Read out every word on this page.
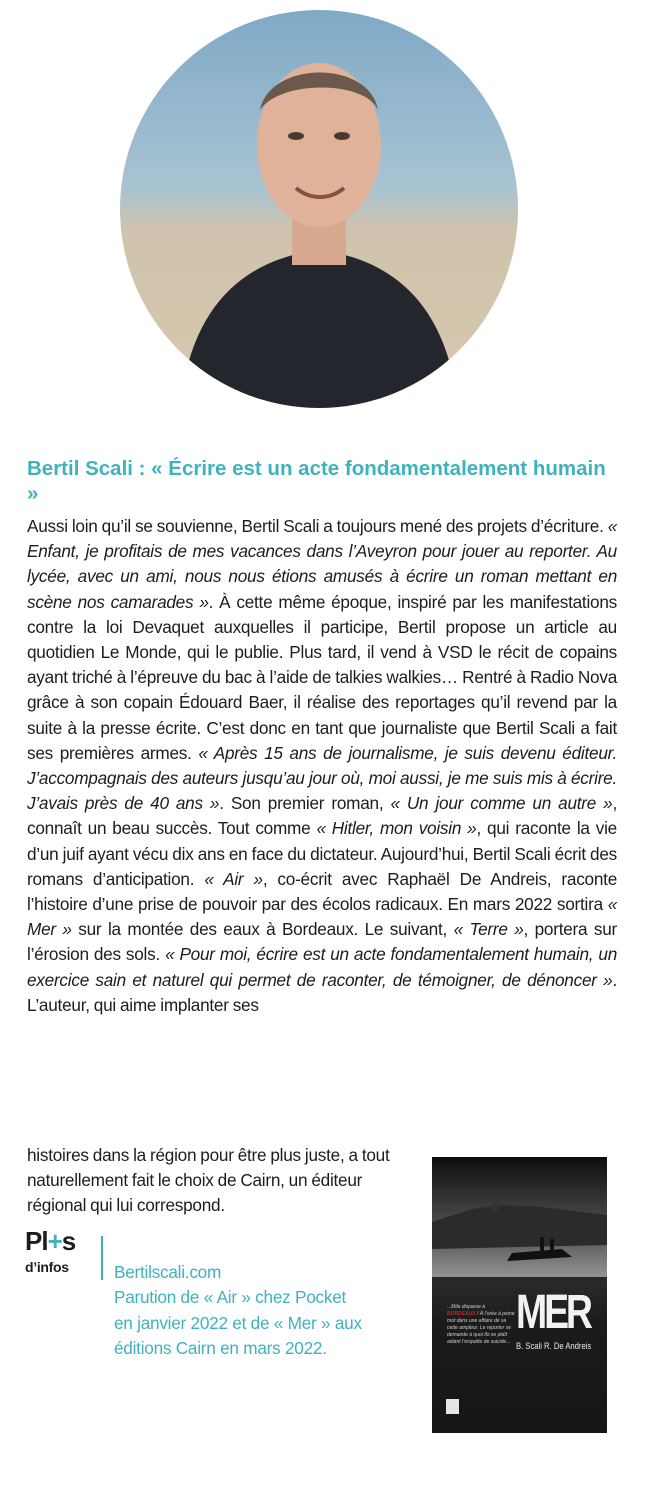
Bertil Scali : « Écrire est un acte fondamentalement humain »

Aussi loin qu’il se souvienne, Bertil Scali a toujours mené des projets d’écriture. « Enfant, je profitais de mes vacances dans l’Aveyron pour jouer au reporter. Au lycée, avec un ami, nous nous étions amusés à écrire un roman mettant en scène nos camarades ». À cette même époque, inspiré par les manifestations contre la loi Devaquet auxquelles il participe, Bertil propose un article au quotidien Le Monde, qui le publie. Plus tard, il vend à VSD le récit de copains ayant triché à l’épreuve du bac à l’aide de talkies walkies… Rentré à Radio Nova grâce à son copain Édouard Baer, il réalise des reportages qu’il revend par la suite à la presse écrite. C’est donc en tant que journaliste que Bertil Scali a fait ses premières armes. « Après 15 ans de journalisme, je suis devenu éditeur. J’accompagnais des auteurs jusqu’au jour où, moi aussi, je me suis mis à écrire. J’avais près de 40 ans ». Son premier roman, « Un jour comme un autre », connaît un beau succès. Tout comme « Hitler, mon voisin », qui raconte la vie d’un juif ayant vécu dix ans en face du dictateur. Aujourd’hui, Bertil Scali écrit des romans d’anticipation. « Air », co-écrit avec Raphaël De Andreis, raconte l’histoire d’une prise de pouvoir par des écolos radicaux. En mars 2022 sortira « Mer » sur la montée des eaux à Bordeaux. Le suivant, « Terre », portera sur l’érosion des sols. « Pour moi, écrire est un acte fondamentalement humain, un exercice sain et naturel qui permet de raconter, de témoigner, de dénoncer ». L’auteur, qui aime implanter ses

histoires dans la région pour être plus juste, a tout naturellement fait le choix de Cairn, un éditeur régional qui lui correspond.

Pl+s
d’infos	Bertilscali.com
Parution de « Air » chez Pocket
en janvier 2022 et de « Mer » aux
éditions Cairn en mars 2022.
...Mila disparue à BORDEAUX ! À l’orée à peine mot dans une affaire de sa cette ampleur. Le reporter se demande à quoi Ilo se plaît aidant l’enquête de suicide...
MER
B. Scali R. De Andreis
